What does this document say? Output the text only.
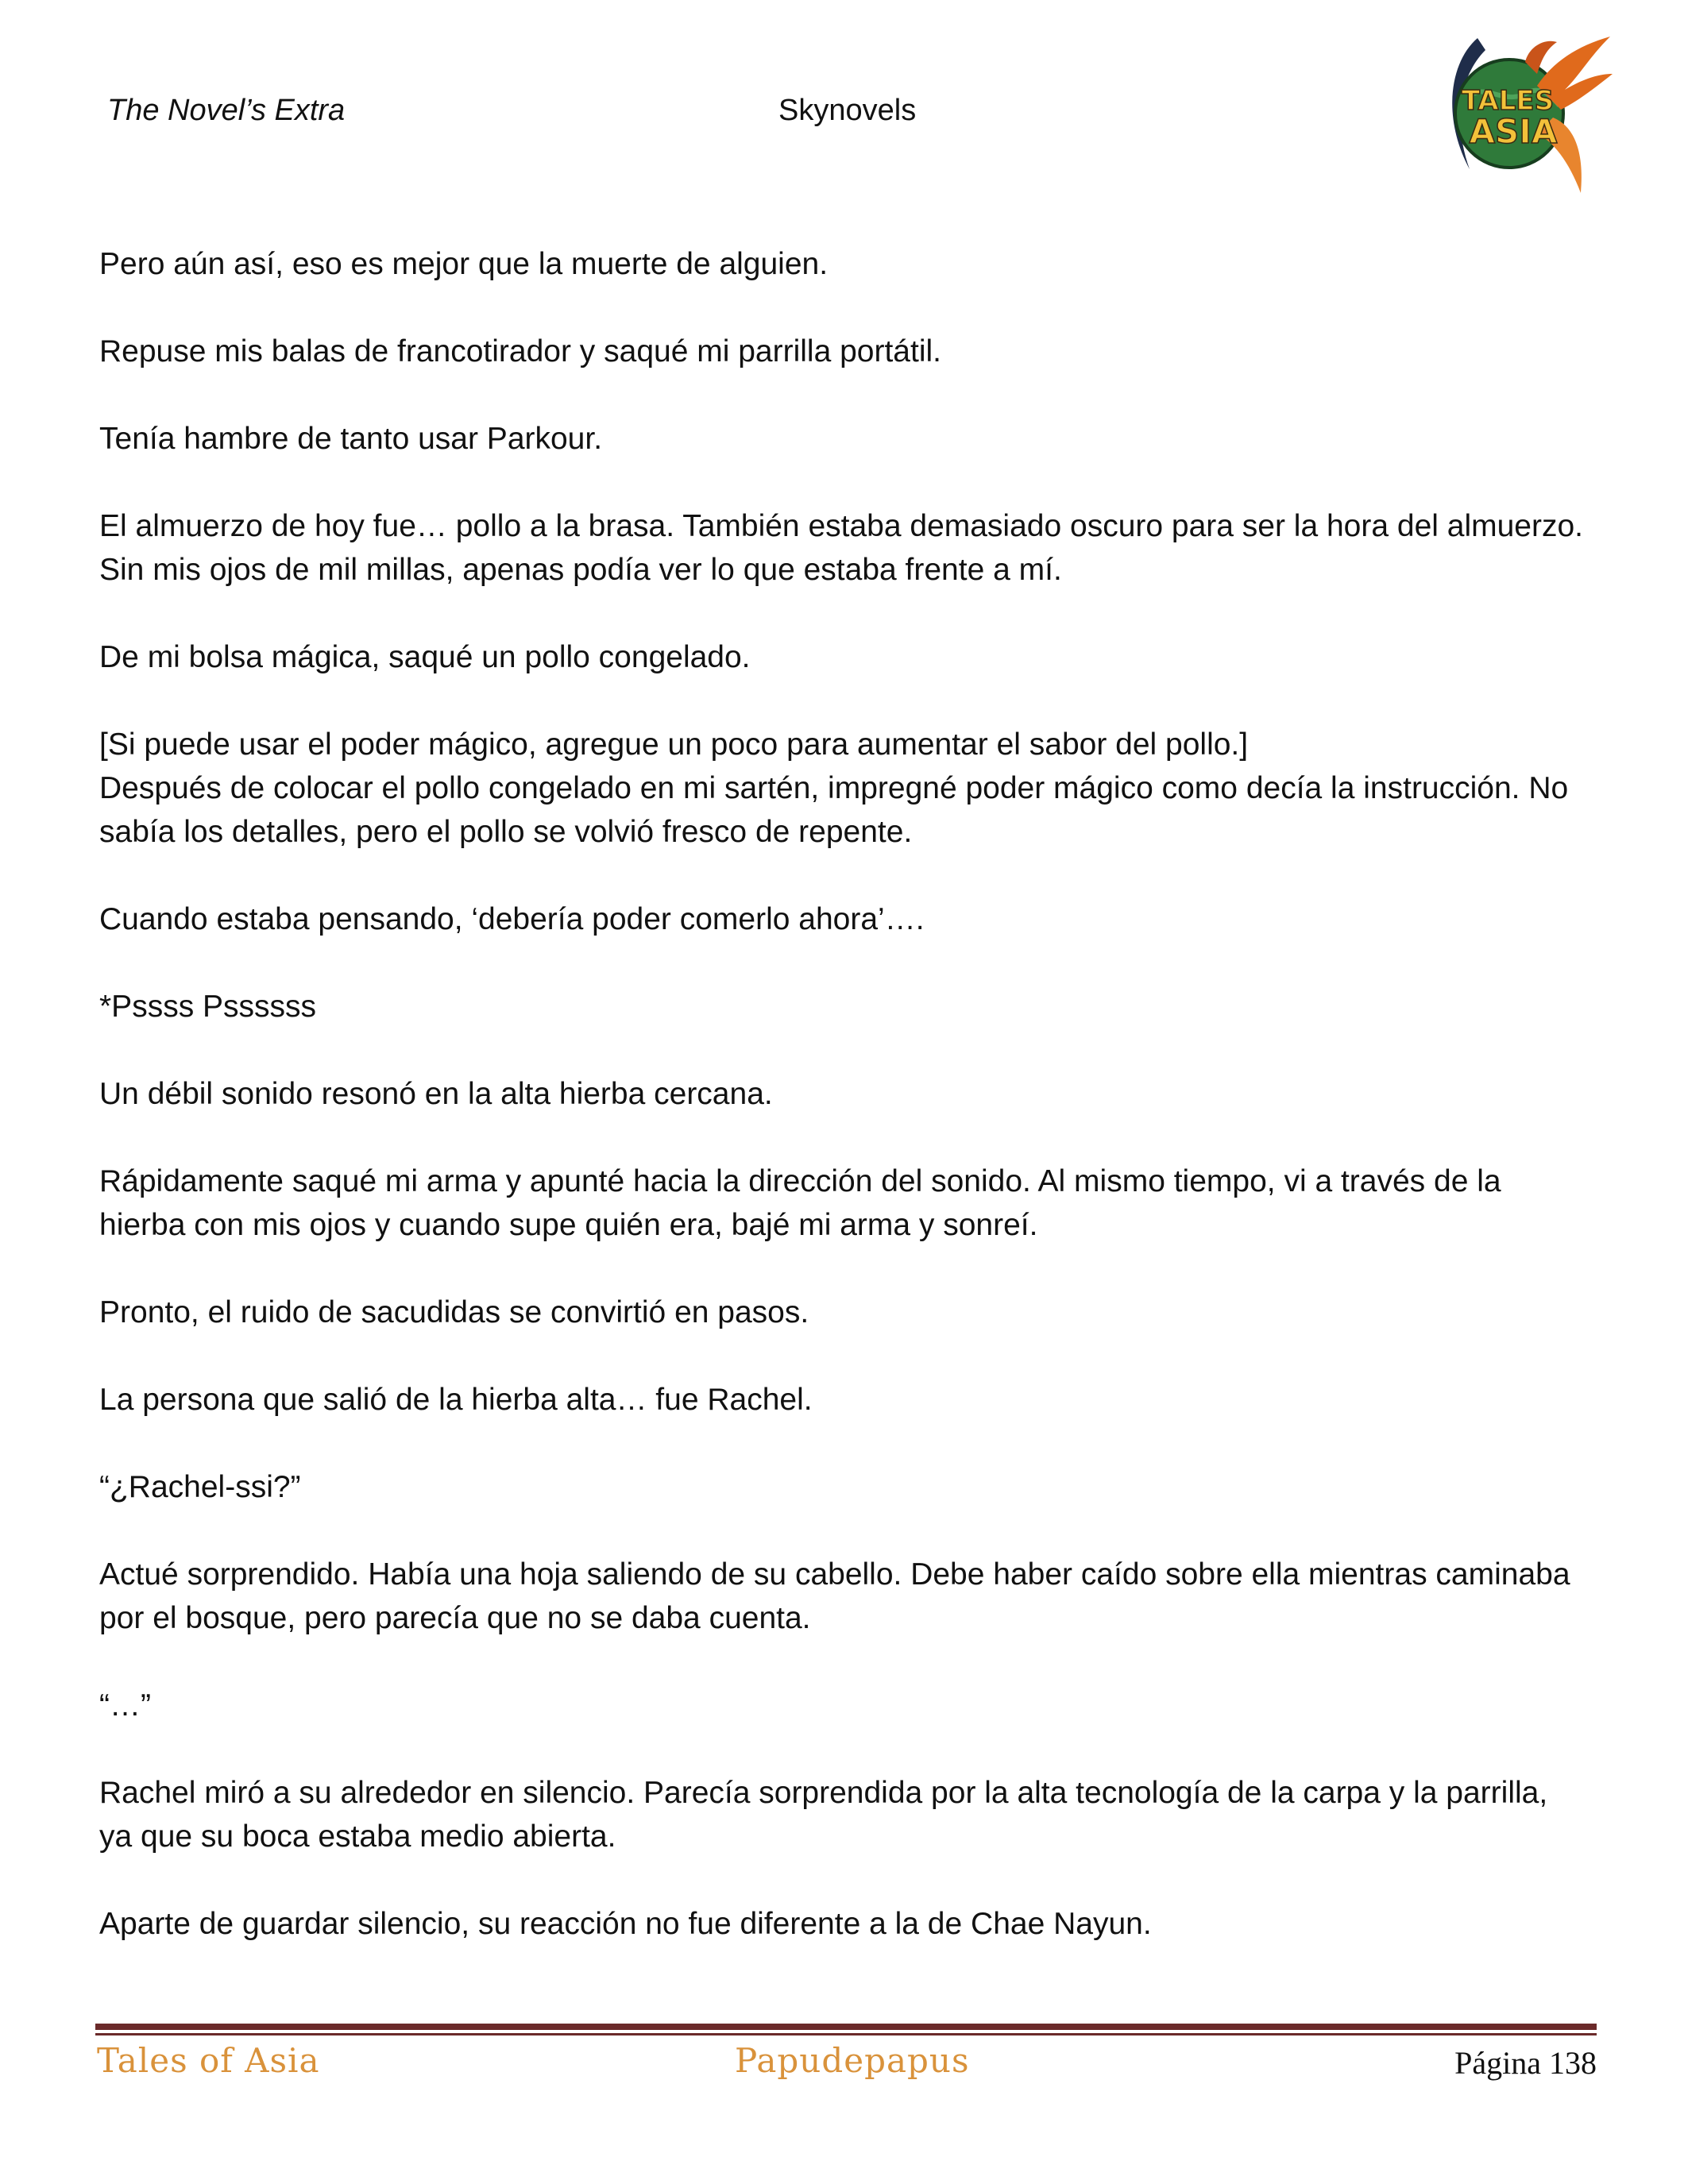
The Novel’s Extra	Skynovels	TALES
ASIA

Pero aún así, eso es mejor que la muerte de alguien.

Repuse mis balas de francotirador y saqué mi parrilla portátil.

Tenía hambre de tanto usar Parkour.

El almuerzo de hoy fue… pollo a la brasa. También estaba demasiado oscuro para ser la hora del almuerzo. Sin mis ojos de mil millas, apenas podía ver lo que estaba frente a mí.

De mi bolsa mágica, saqué un pollo congelado.

[Si puede usar el poder mágico, agregue un poco para aumentar el sabor del pollo.]

Después de colocar el pollo congelado en mi sartén, impregné poder mágico como decía la instrucción. No sabía los detalles, pero el pollo se volvió fresco de repente.

Cuando estaba pensando, ‘debería poder comerlo ahora’….

*Pssss Pssssss

Un débil sonido resonó en la alta hierba cercana.

Rápidamente saqué mi arma y apunté hacia la dirección del sonido. Al mismo tiempo, vi a través de la hierba con mis ojos y cuando supe quién era, bajé mi arma y sonreí.

Pronto, el ruido de sacudidas se convirtió en pasos.

La persona que salió de la hierba alta… fue Rachel.

“¿Rachel-ssi?”

Actué sorprendido. Había una hoja saliendo de su cabello. Debe haber caído sobre ella mientras caminaba por el bosque, pero parecía que no se daba cuenta.

“…”

Rachel miró a su alrededor en silencio. Parecía sorprendida por la alta tecnología de la carpa y la parrilla, ya que su boca estaba medio abierta.

Aparte de guardar silencio, su reacción no fue diferente a la de Chae Nayun.

Tales of Asia	Papudepapus	Página 138
